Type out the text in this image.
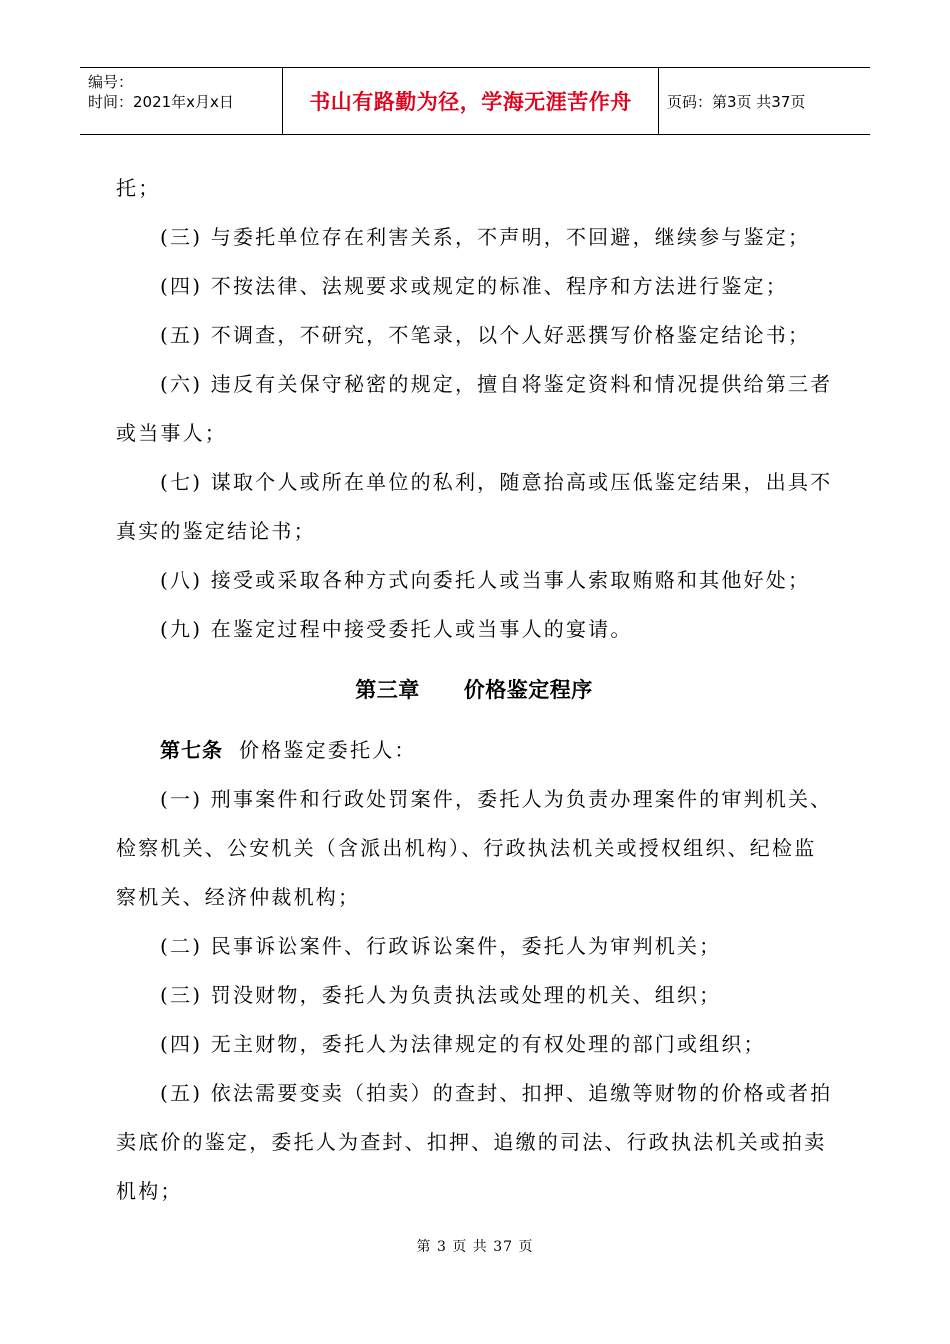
编号：
时间：2021年x月x日	书山有路勤为径，学海无涯苦作舟	页码：第3页 共37页

托；

(三) 与委托单位存在利害关系，不声明，不回避，继续参与鉴定；

(四) 不按法律、法规要求或规定的标准、程序和方法进行鉴定；

(五) 不调查，不研究，不笔录，以个人好恶撰写价格鉴定结论书；

(六) 违反有关保守秘密的规定，擅自将鉴定资料和情况提供给第三者

或当事人；

(七) 谋取个人或所在单位的私利，随意抬高或压低鉴定结果，出具不

真实的鉴定结论书；

(八) 接受或采取各种方式向委托人或当事人索取贿赂和其他好处；

(九) 在鉴定过程中接受委托人或当事人的宴请。

第三章 价格鉴定程序

第七条 价格鉴定委托人：

(一) 刑事案件和行政处罚案件，委托人为负责办理案件的审判机关、

检察机关、公安机关（含派出机构）、行政执法机关或授权组织、纪检监

察机关、经济仲裁机构；

(二) 民事诉讼案件、行政诉讼案件，委托人为审判机关；

(三) 罚没财物，委托人为负责执法或处理的机关、组织；

(四) 无主财物，委托人为法律规定的有权处理的部门或组织；

(五) 依法需要变卖（拍卖）的查封、扣押、追缴等财物的价格或者拍

卖底价的鉴定，委托人为查封、扣押、追缴的司法、行政执法机关或拍卖

机构；

第 3 页 共 37 页
